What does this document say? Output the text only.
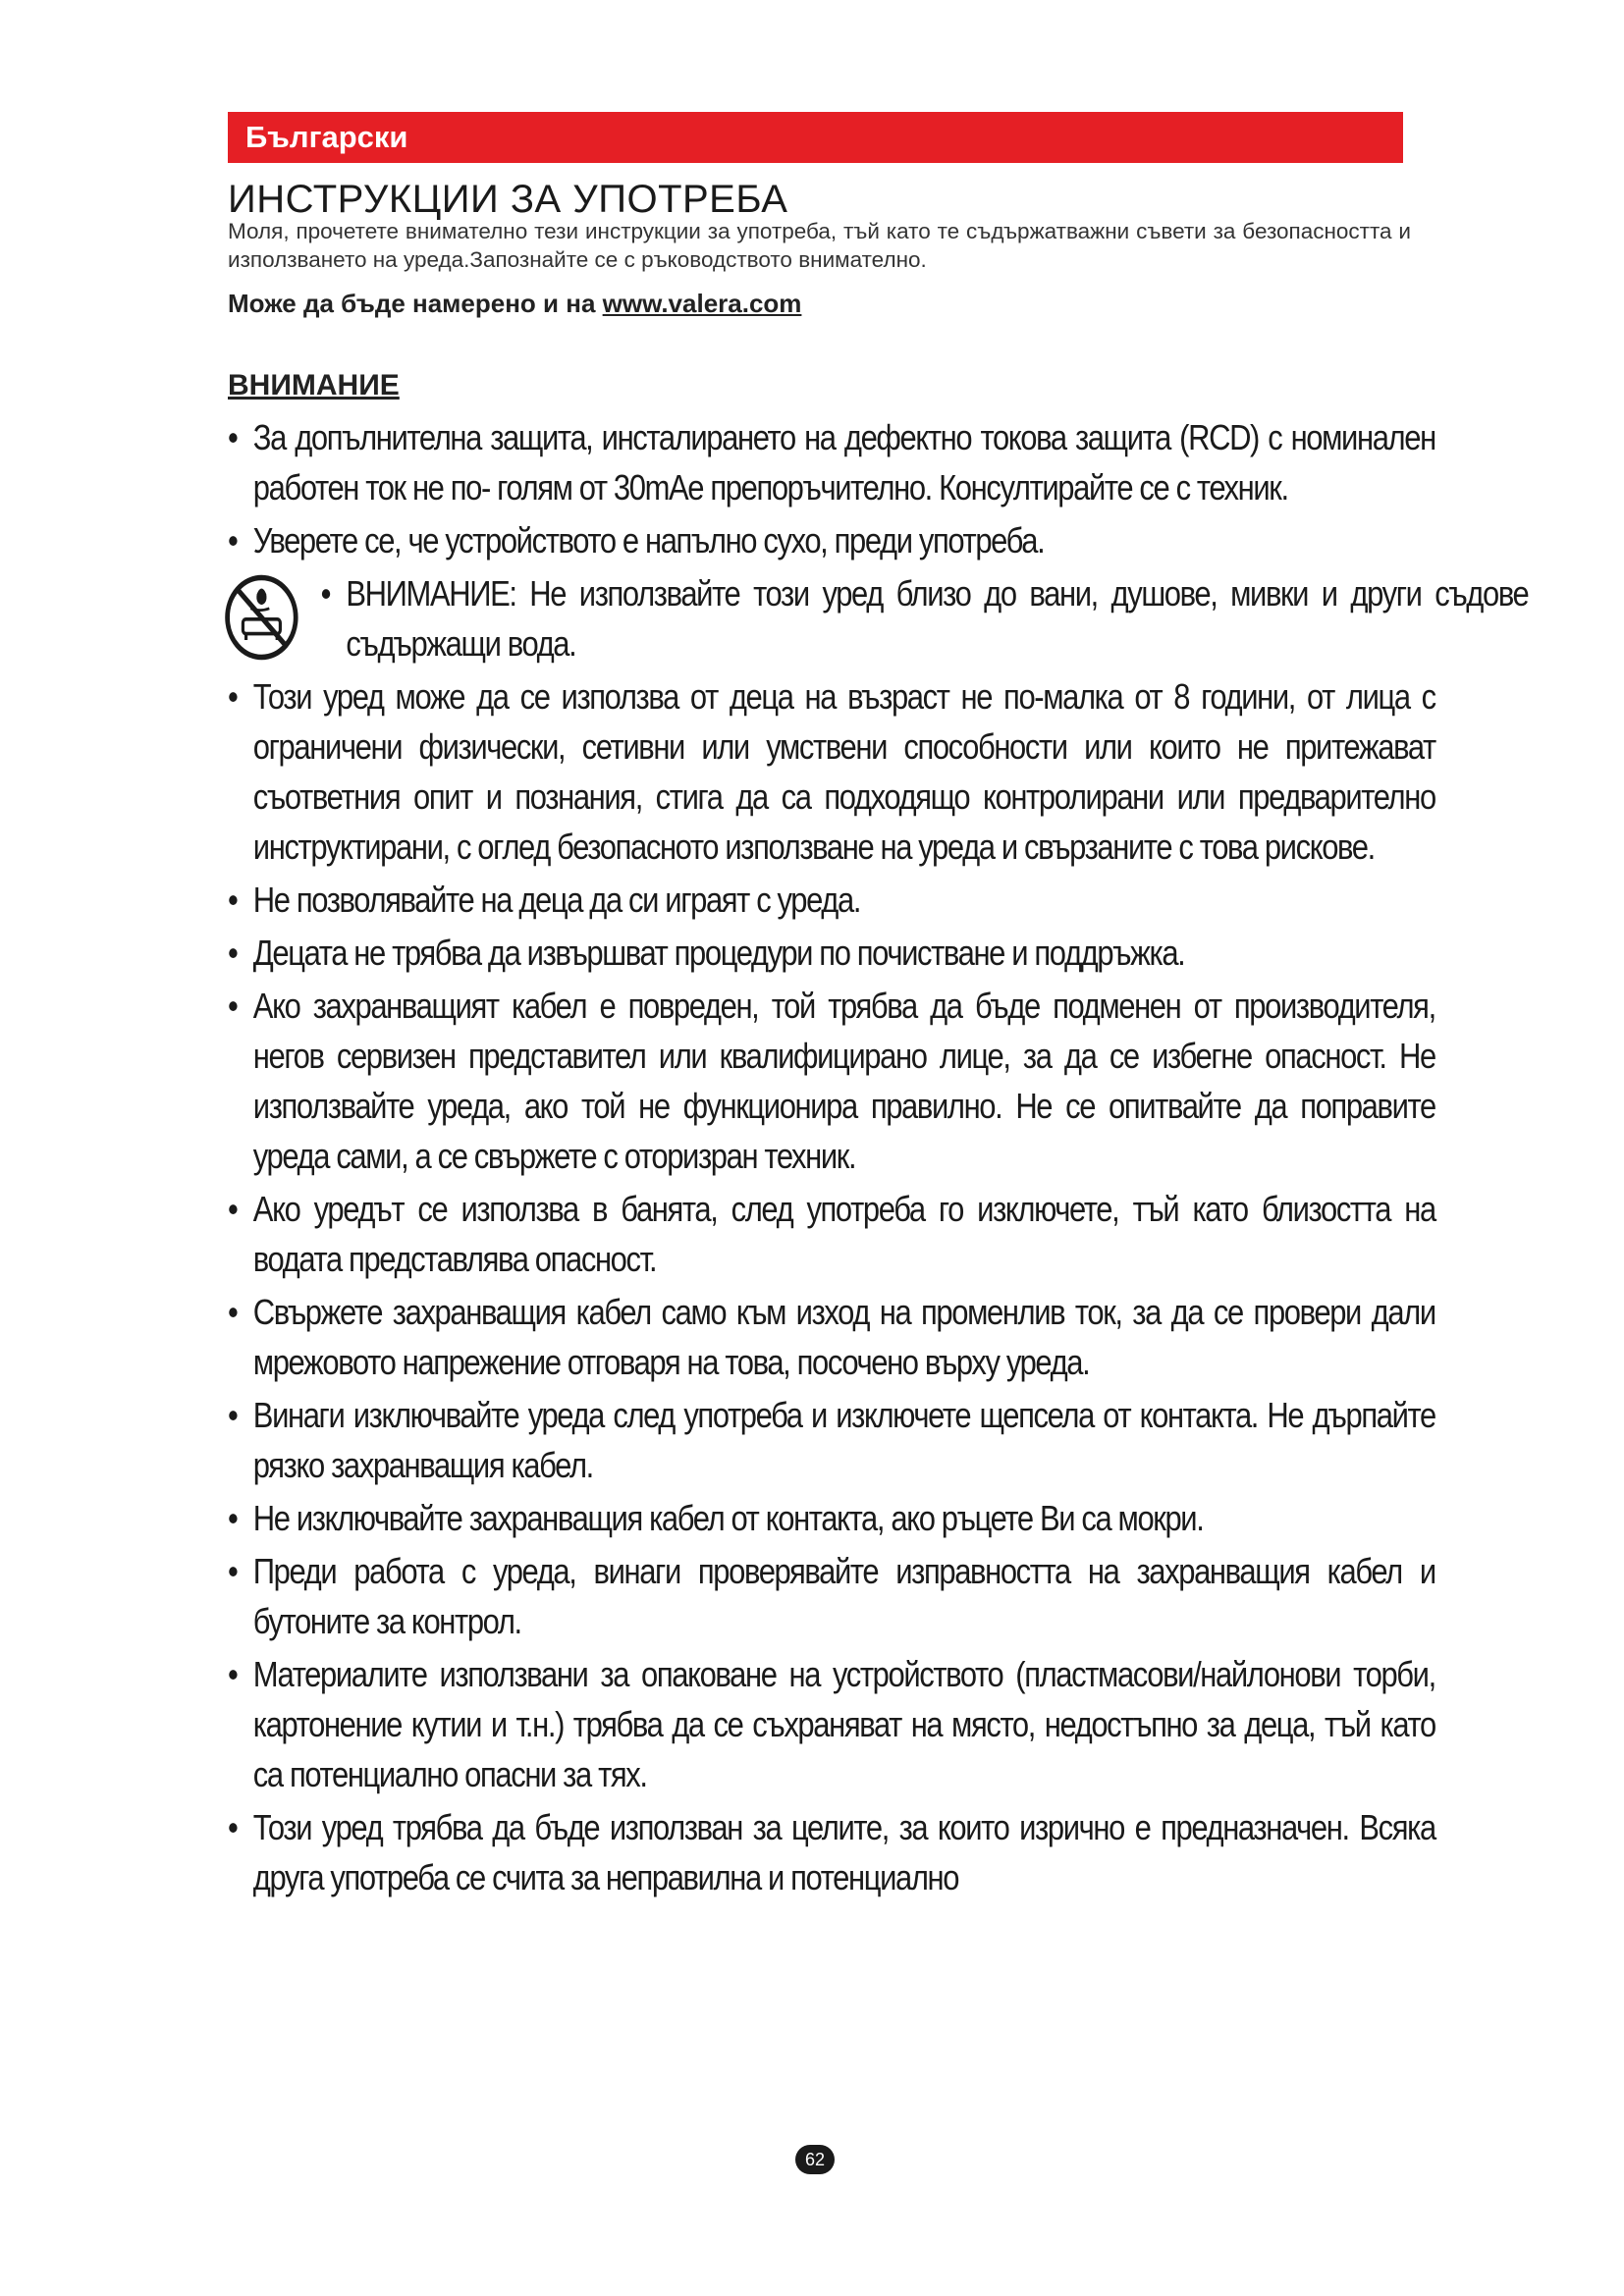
Български
ИНСТРУКЦИИ ЗА УПОТРЕБА

Моля, прочетете внимателно тези инструкции за употреба, тъй като те съдържатважни съвети за безопасността и използването на уреда.Запознайте се с ръководството внимателно.

Може да бъде намерено и на www.valera.com

ВНИМАНИЕ
• За допълнителна защита, инсталирането на дефектно токова защита (RCD) с номинален работен ток не по- голям от 30mAe препоръчително. Консултирайте се с техник.
• Уверете се, че устройството е напълно сухо, преди употреба.
• ВНИМАНИЕ: Не използвайте този уред близо до вани, душове, мивки и други съдове съдържащи вода.
• Този уред може да се използва от деца на възраст не по-малка от 8 години, от лица с ограничени физически, сетивни или умствени способности или които не притежават съответния опит и познания, стига да са подходящо контролирани или предварително инструктирани, с оглед безопасното използване на уреда и свързаните с това рискове.
• Не позволявайте на деца да си играят с уреда.
• Децата не трябва да извършват процедури по почистване и поддръжка.
• Ако захранващият кабел е повреден, той трябва да бъде подменен от производителя, негов сервизен представител или квалифицирано лице, за да се избегне опасност. Не използвайте уреда, ако той не функционира правилно. Не се опитвайте да поправите уреда сами, а се свържете с оторизран техник.
• Ако уредът се използва в банята, след употреба го изключете, тъй като близостта на водата представлява опасност.
• Свържете захранващия кабел само към изход на променлив ток, за да се провери дали мрежовото напрежение отговаря на това, посочено върху уреда.
• Винаги изключвайте уреда след употреба и изключете щепсела от контакта. Не дърпайте рязко захранващия кабел.
• Не изключвайте захранващия кабел от контакта, ако ръцете Ви са мокри.
• Преди работа с уреда, винаги проверявайте изправността на захранващия кабел и бутоните за контрол.
• Материалите използвани за опаковане на устройството (пластмасови/найлонови торби, картонение кутии и т.н.) трябва да се съхраняват на място, недостъпно за деца, тъй като са потенциално опасни за тях.
• Този уред трябва да бъде използван за целите, за които изрично е предназначен. Всяка друга употреба се счита за неправилна и потенциално
62
